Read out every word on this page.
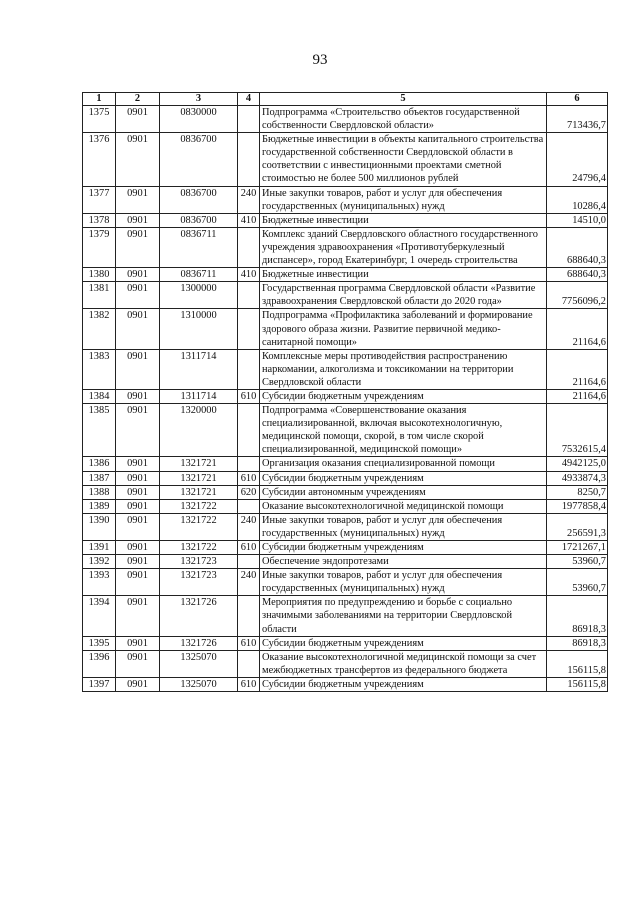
93
1	2	3	4	5	6
1375	0901	0830000		Подпрограмма «Строительство объектов государственной собственности Свердловской области»	713436,7
1376	0901	0836700		Бюджетные инвестиции в объекты капитального строительства государственной собственности Свердловской области в соответствии с инвестиционными проектами сметной стоимостью не более 500 миллионов рублей	24796,4
1377	0901	0836700	240	Иные закупки товаров, работ и услуг для обеспечения государственных (муниципальных) нужд	10286,4
1378	0901	0836700	410	Бюджетные инвестиции	14510,0
1379	0901	0836711		Комплекс зданий Свердловского областного государственного учреждения здравоохранения «Противотуберкулезный диспансер», город Екатеринбург, 1 очередь строительства	688640,3
1380	0901	0836711	410	Бюджетные инвестиции	688640,3
1381	0901	1300000		Государственная программа Свердловской области «Развитие здравоохранения Свердловской области до 2020 года»	7756096,2
1382	0901	1310000		Подпрограмма «Профилактика заболеваний и формирование здорового образа жизни. Развитие первичной медико-санитарной помощи»	21164,6
1383	0901	1311714		Комплексные меры противодействия распространению наркомании, алкоголизма и токсикомании на территории Свердловской области	21164,6
1384	0901	1311714	610	Субсидии бюджетным учреждениям	21164,6
1385	0901	1320000		Подпрограмма «Совершенствование оказания специализированной, включая высокотехнологичную, медицинской помощи, скорой, в том числе скорой специализированной, медицинской помощи»	7532615,4
1386	0901	1321721		Организация оказания специализированной помощи	4942125,0
1387	0901	1321721	610	Субсидии бюджетным учреждениям	4933874,3
1388	0901	1321721	620	Субсидии автономным учреждениям	8250,7
1389	0901	1321722		Оказание высокотехнологичной медицинской помощи	1977858,4
1390	0901	1321722	240	Иные закупки товаров, работ и услуг для обеспечения государственных (муниципальных) нужд	256591,3
1391	0901	1321722	610	Субсидии бюджетным учреждениям	1721267,1
1392	0901	1321723		Обеспечение эндопротезами	53960,7
1393	0901	1321723	240	Иные закупки товаров, работ и услуг для обеспечения государственных (муниципальных) нужд	53960,7
1394	0901	1321726		Мероприятия по предупреждению и борьбе с социально значимыми заболеваниями на территории Свердловской области	86918,3
1395	0901	1321726	610	Субсидии бюджетным учреждениям	86918,3
1396	0901	1325070		Оказание высокотехнологичной медицинской помощи за счет межбюджетных трансфертов из федерального бюджета	156115,8
1397	0901	1325070	610	Субсидии бюджетным учреждениям	156115,8
